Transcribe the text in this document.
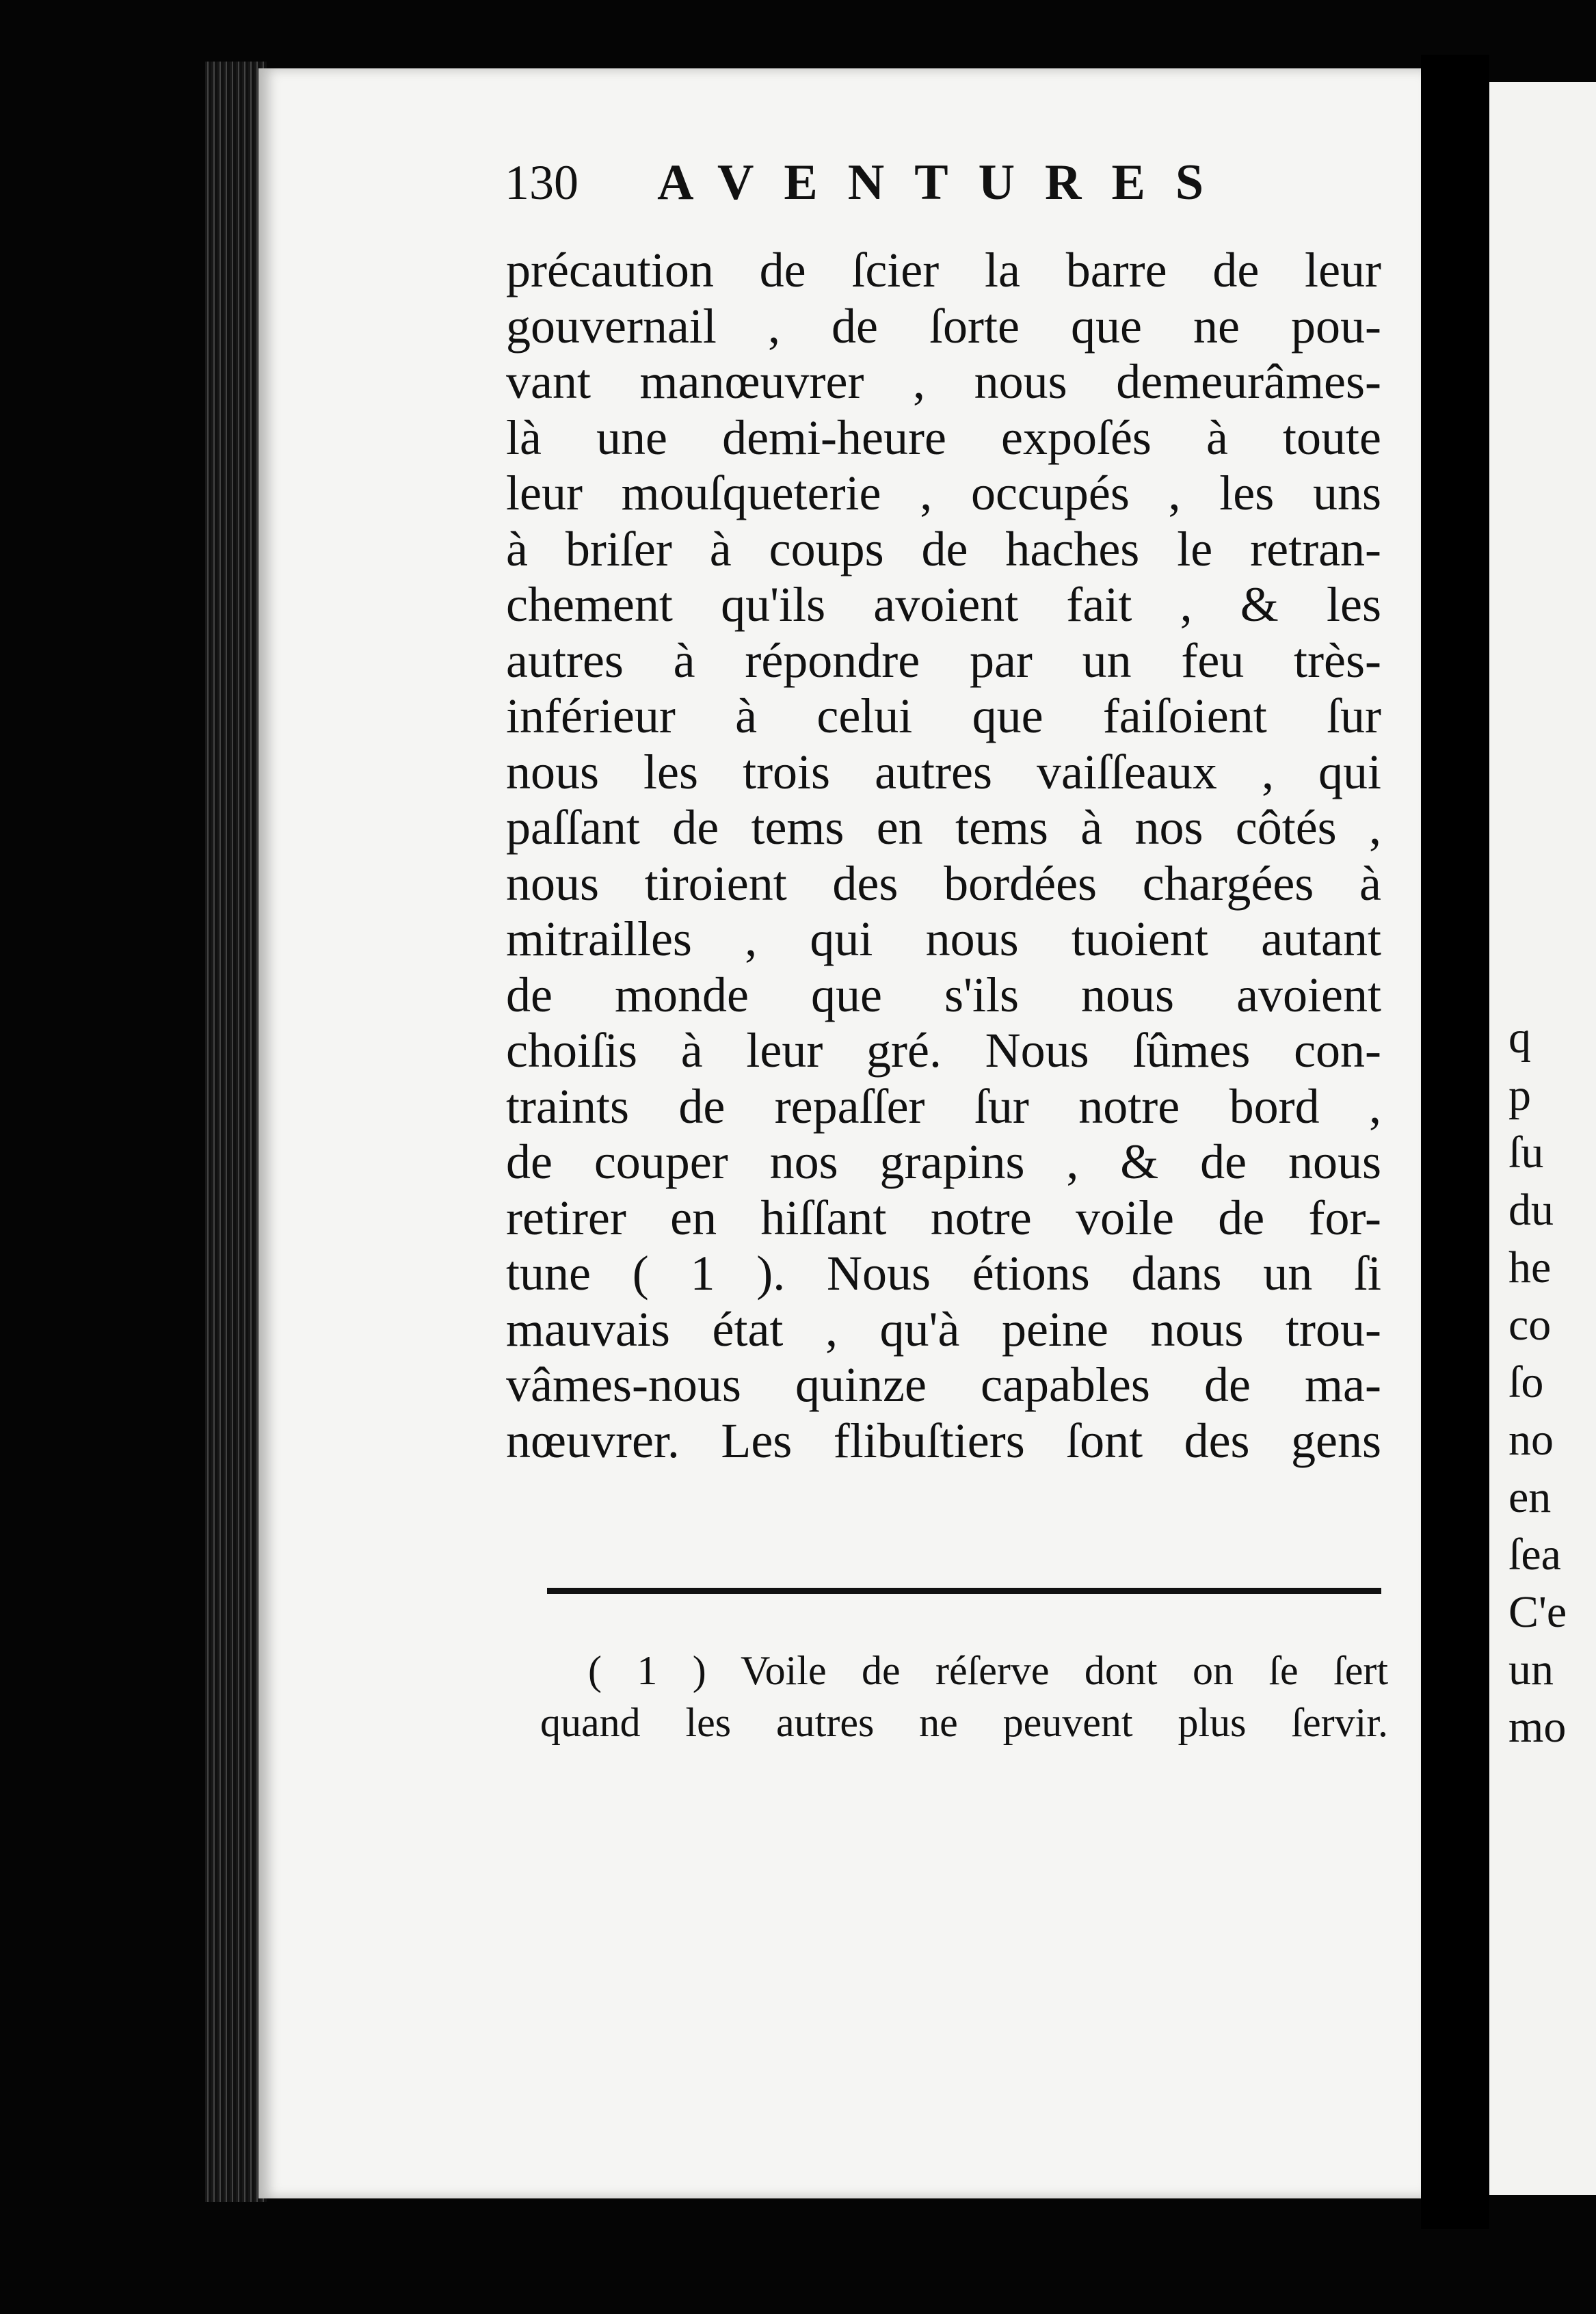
130 AVENTURES
précaution de ſcier la barre de leur
gouvernail , de ſorte que ne pou-
vant manœuvrer , nous demeurâmes-
là une demi-heure expoſés à toute
leur mouſqueterie , occupés , les uns
à briſer à coups de haches le retran-
chement qu'ils avoient fait , & les
autres à répondre par un feu très-
inférieur à celui que faiſoient ſur
nous les trois autres vaiſſeaux , qui
paſſant de tems en tems à nos côtés ,
nous tiroient des bordées chargées à
mitrailles , qui nous tuoient autant
de monde que s'ils nous avoient
choiſis à leur gré. Nous ſûmes con-
traints de repaſſer ſur notre bord ,
de couper nos grapins , & de nous
retirer en hiſſant notre voile de for-
tune ( 1 ). Nous étions dans un ſi
mauvais état , qu'à peine nous trou-
vâmes-nous quinze capables de ma-
nœuvrer. Les flibuſtiers ſont des gens
( 1 ) Voile de réſerve dont on ſe ſert
quand les autres ne peuvent plus ſervir.
q
p
ſu
du
he
co
ſo
no
en
ſea
C'e
un
mo
